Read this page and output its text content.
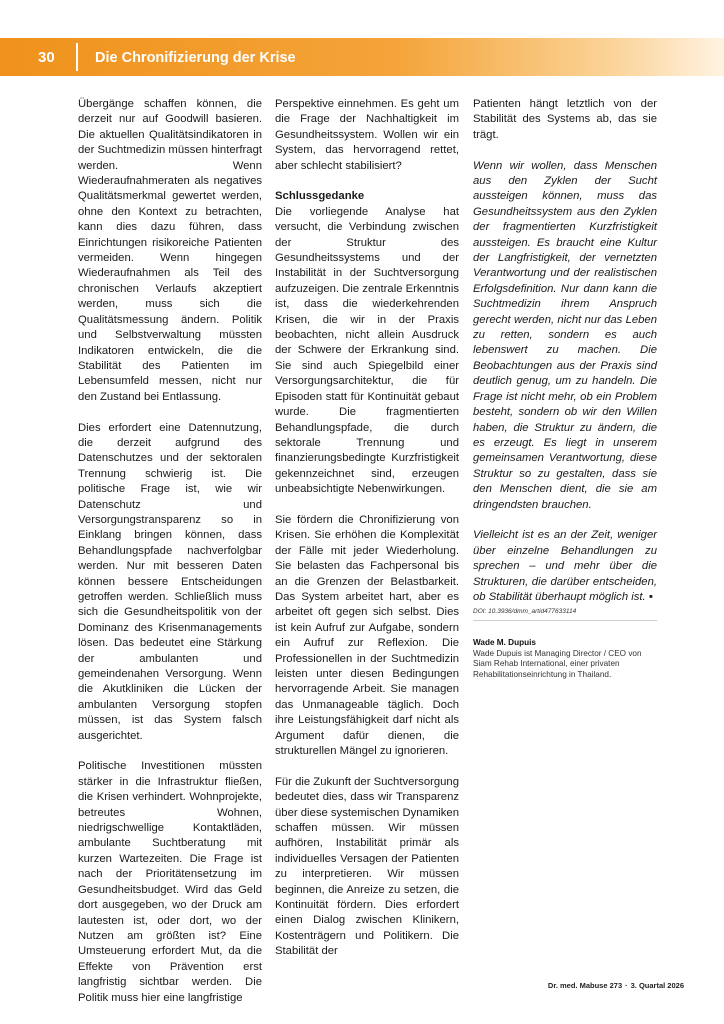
30	Die Chronifizierung der Krise

Übergänge schaffen können, die derzeit nur auf Goodwill basieren. Die aktuellen Qualitätsindikatoren in der Suchtmedizin müssen hinterfragt werden. Wenn Wiederaufnahmeraten als negatives Qualitätsmerkmal gewertet werden, ohne den Kontext zu betrachten, kann dies dazu führen, dass Einrichtungen risikoreiche Patienten vermeiden. Wenn hingegen Wiederaufnahmen als Teil des chronischen Verlaufs akzeptiert werden, muss sich die Qualitätsmessung ändern. Politik und Selbstverwaltung müssten Indikatoren entwickeln, die die Stabilität des Patienten im Lebensumfeld messen, nicht nur den Zustand bei Entlassung.

Dies erfordert eine Datennutzung, die derzeit aufgrund des Datenschutzes und der sektoralen Trennung schwierig ist. Die politische Frage ist, wie wir Datenschutz und Versorgungstransparenz so in Einklang bringen können, dass Behandlungspfade nachverfolgbar werden. Nur mit besseren Daten können bessere Entscheidungen getroffen werden. Schließlich muss sich die Gesundheitspolitik von der Dominanz des Krisenmanagements lösen. Das bedeutet eine Stärkung der ambulanten und gemeindenahen Versorgung. Wenn die Akutkliniken die Lücken der ambulanten Versorgung stopfen müssen, ist das System falsch ausgerichtet.

Politische Investitionen müssten stärker in die Infrastruktur fließen, die Krisen verhindert. Wohnprojekte, betreutes Wohnen, niedrigschwellige Kontaktläden, ambulante Suchtberatung mit kurzen Wartezeiten. Die Frage ist nach der Prioritätensetzung im Gesundheitsbudget. Wird das Geld dort ausgegeben, wo der Druck am lautesten ist, oder dort, wo der Nutzen am größten ist? Eine Umsteuerung erfordert Mut, da die Effekte von Prävention erst langfristig sichtbar werden. Die Politik muss hier eine langfristige

Perspektive einnehmen. Es geht um die Frage der Nachhaltigkeit im Gesundheitssystem. Wollen wir ein System, das hervorragend rettet, aber schlecht stabilisiert?

Schlussgedanke

Die vorliegende Analyse hat versucht, die Verbindung zwischen der Struktur des Gesundheitssystems und der Instabilität in der Suchtversorgung aufzuzeigen. Die zentrale Erkenntnis ist, dass die wiederkehrenden Krisen, die wir in der Praxis beobachten, nicht allein Ausdruck der Schwere der Erkrankung sind. Sie sind auch Spiegelbild einer Versorgungsarchitektur, die für Episoden statt für Kontinuität gebaut wurde. Die fragmentierten Behandlungspfade, die durch sektorale Trennung und finanzierungsbedingte Kurzfristigkeit gekennzeichnet sind, erzeugen unbeabsichtigte Nebenwirkungen.

Sie fördern die Chronifizierung von Krisen. Sie erhöhen die Komplexität der Fälle mit jeder Wiederholung. Sie belasten das Fachpersonal bis an die Grenzen der Belastbarkeit. Das System arbeitet hart, aber es arbeitet oft gegen sich selbst. Dies ist kein Aufruf zur Aufgabe, sondern ein Aufruf zur Reflexion. Die Professionellen in der Suchtmedizin leisten unter diesen Bedingungen hervorragende Arbeit. Sie managen das Unmanageable täglich. Doch ihre Leistungsfähigkeit darf nicht als Argument dafür dienen, die strukturellen Mängel zu ignorieren.

Für die Zukunft der Suchtversorgung bedeutet dies, dass wir Transparenz über diese systemischen Dynamiken schaffen müssen. Wir müssen aufhören, Instabilität primär als individuelles Versagen der Patienten zu interpretieren. Wir müssen beginnen, die Anreize zu setzen, die Kontinuität fördern. Dies erfordert einen Dialog zwischen Klinikern, Kostenträgern und Politikern. Die Stabilität der

Patienten hängt letztlich von der Stabilität des Systems ab, das sie trägt.

Wenn wir wollen, dass Menschen aus den Zyklen der Sucht aussteigen können, muss das Gesundheitssystem aus den Zyklen der fragmentierten Kurzfristigkeit aussteigen. Es braucht eine Kultur der Langfristigkeit, der vernetzten Verantwortung und der realistischen Erfolgsdefinition. Nur dann kann die Suchtmedizin ihrem Anspruch gerecht werden, nicht nur das Leben zu retten, sondern es auch lebenswert zu machen. Die Beobachtungen aus der Praxis sind deutlich genug, um zu handeln. Die Frage ist nicht mehr, ob ein Problem besteht, sondern ob wir den Willen haben, die Struktur zu ändern, die es erzeugt. Es liegt in unserem gemeinsamen Verantwortung, diese Struktur so zu gestalten, dass sie den Menschen dient, die sie am dringendsten brauchen.

Vielleicht ist es an der Zeit, weniger über einzelne Behandlungen zu sprechen – und mehr über die Strukturen, die darüber entscheiden, ob Stabilität überhaupt möglich ist. ▪

DOI: 10.3936/dmm_artid477633114
Wade M. Dupuis
Wade Dupuis ist Managing Director / CEO von Siam Rehab International, einer privaten Rehabilitationseinrichtung in Thailand.
Dr. med. Mabuse 273 · 3. Quartal 2026
